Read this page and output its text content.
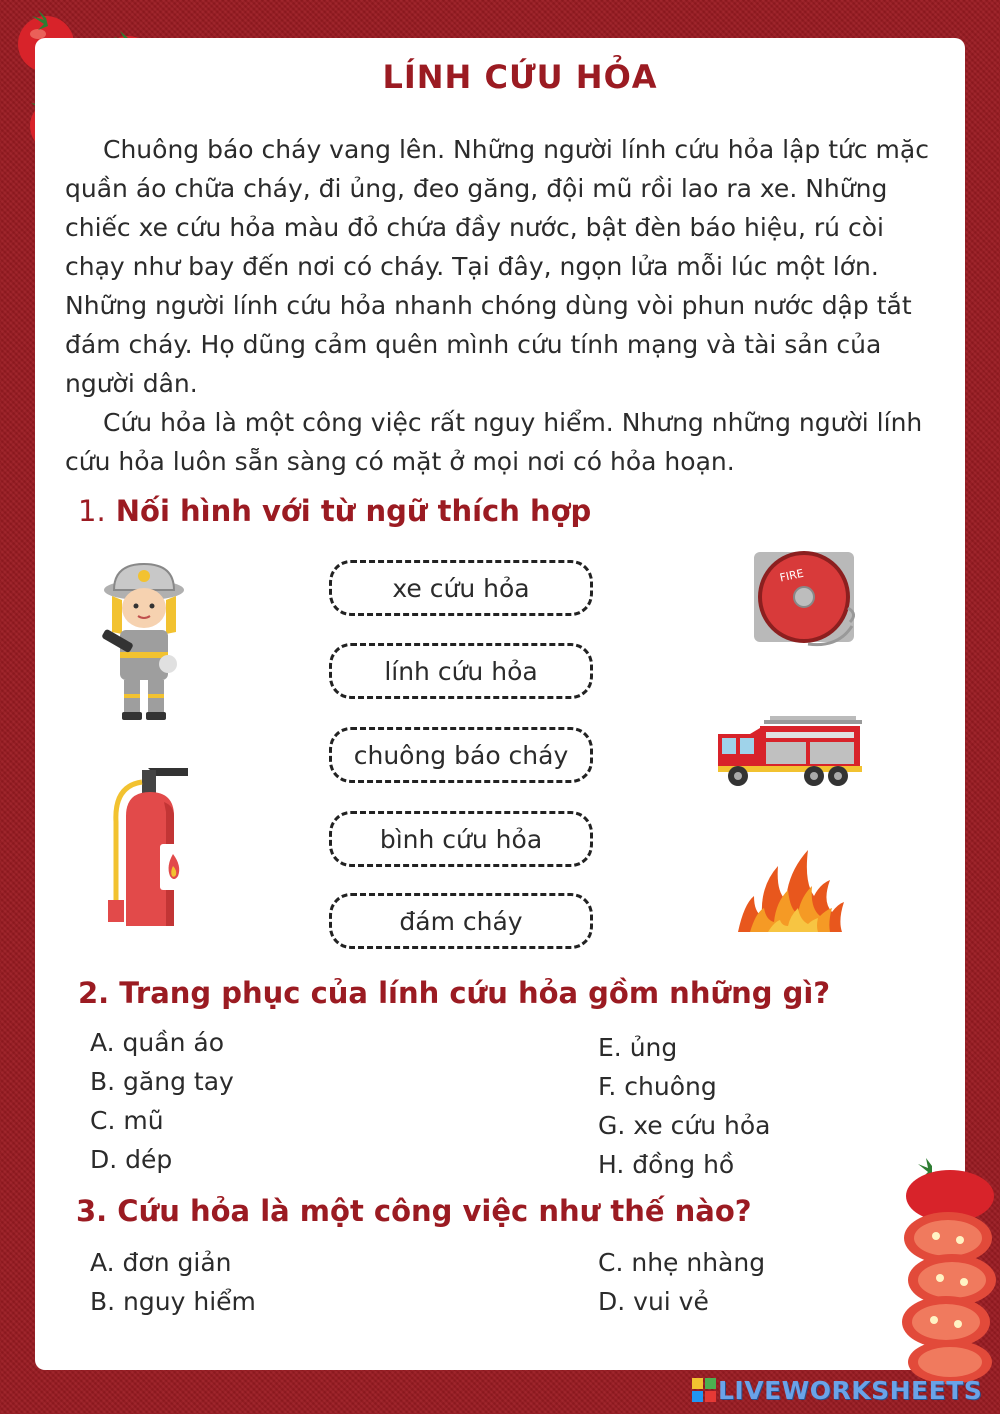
LÍNH CỨU HỎA

Chuông báo cháy vang lên. Những người lính cứu hỏa lập tức mặc quần áo chữa cháy, đi ủng, đeo găng, đội mũ rồi lao ra xe. Những chiếc xe cứu hỏa màu đỏ chứa đầy nước, bật đèn báo hiệu, rú còi chạy như bay đến nơi có cháy. Tại đây, ngọn lửa mỗi lúc một lớn. Những người lính cứu hỏa nhanh chóng dùng vòi phun nước dập tắt đám cháy. Họ dũng cảm quên mình cứu tính mạng và tài sản của người dân.

Cứu hỏa là một công việc rất nguy hiểm. Nhưng những người lính cứu hỏa luôn sẵn sàng có mặt ở mọi nơi có hỏa hoạn.

1. Nối hình với từ ngữ thích hợp
FIRE
xe cứu hỏa
lính cứu hỏa
chuông báo cháy
bình cứu hỏa
đám cháy
2. Trang phục của lính cứu hỏa gồm những gì?
A. quần áo
B. găng tay
C. mũ
D. dép
E. ủng
F. chuông
G. xe cứu hỏa
H. đồng hồ
3. Cứu hỏa là một công việc như thế nào?
A. đơn giản
B. nguy hiểm
C. nhẹ nhàng
D. vui vẻ
LIVEWORKSHEETS
